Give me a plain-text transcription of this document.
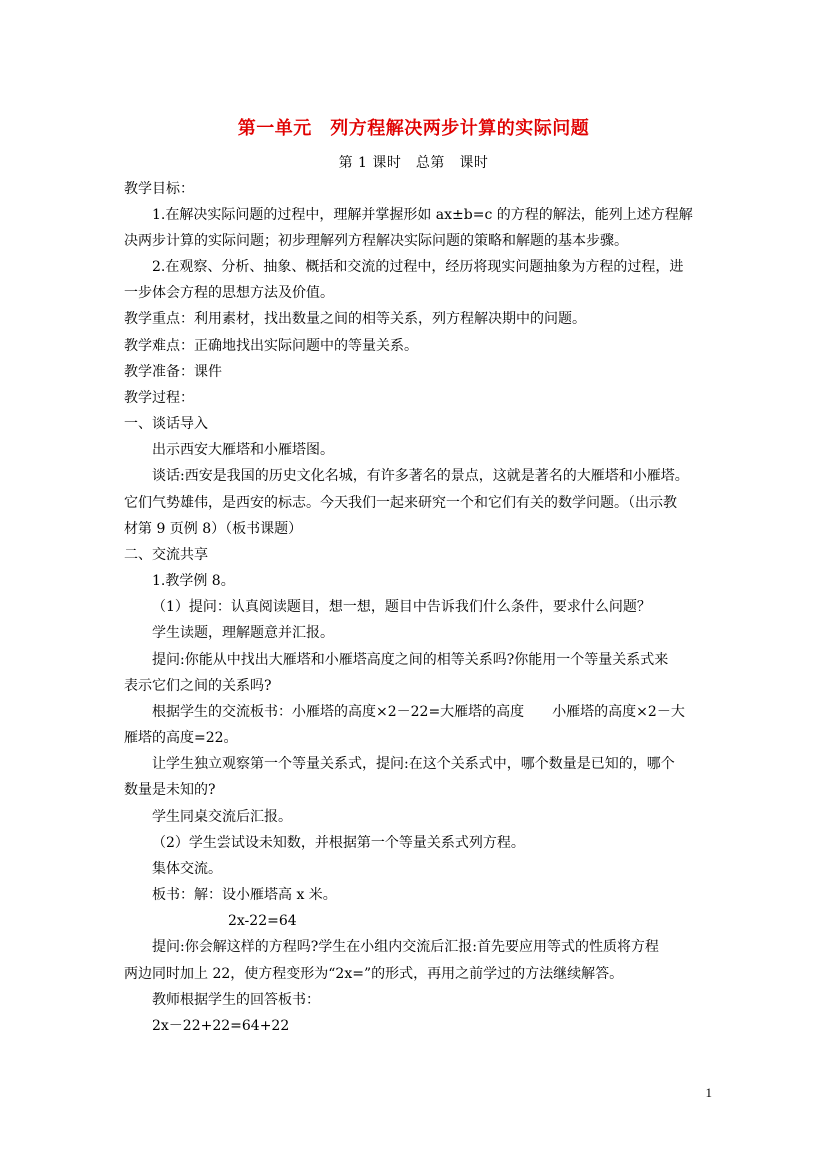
第一单元　列方程解决两步计算的实际问题
第 1 课时　总第　课时
教学目标：
1.在解决实际问题的过程中，理解并掌握形如 ax±b=c 的方程的解法，能列上述方程解
决两步计算的实际问题；初步理解列方程解决实际问题的策略和解题的基本步骤。
2.在观察、分析、抽象、概括和交流的过程中，经历将现实问题抽象为方程的过程，进
一步体会方程的思想方法及价值。
教学重点：利用素材，找出数量之间的相等关系，列方程解决期中的问题。
教学难点：正确地找出实际问题中的等量关系。
教学准备：课件
教学过程：
一、谈话导入
出示西安大雁塔和小雁塔图。
谈话:西安是我国的历史文化名城，有许多著名的景点，这就是著名的大雁塔和小雁塔。
它们气势雄伟，是西安的标志。今天我们一起来研究一个和它们有关的数学问题。（出示教
材第 9 页例 8）（板书课题）
二、交流共享
1.教学例 8。
（1）提问：认真阅读题目，想一想，题目中告诉我们什么条件，要求什么问题？
学生读题，理解题意并汇报。
提问:你能从中找出大雁塔和小雁塔高度之间的相等关系吗?你能用一个等量关系式来
表示它们之间的关系吗?
根据学生的交流板书：小雁塔的高度×2－22=大雁塔的高度 小雁塔的高度×2－大
雁塔的高度=22。
让学生独立观察第一个等量关系式，提问:在这个关系式中，哪个数量是已知的，哪个
数量是未知的?
学生同桌交流后汇报。
（2）学生尝试设未知数，并根据第一个等量关系式列方程。
集体交流。
板书：解：设小雁塔高 x 米。
2x-22=64
提问:你会解这样的方程吗?学生在小组内交流后汇报:首先要应用等式的性质将方程
两边同时加上 22，使方程变形为“2x=”的形式，再用之前学过的方法继续解答。
教师根据学生的回答板书：
2x－22+22=64+22
1
